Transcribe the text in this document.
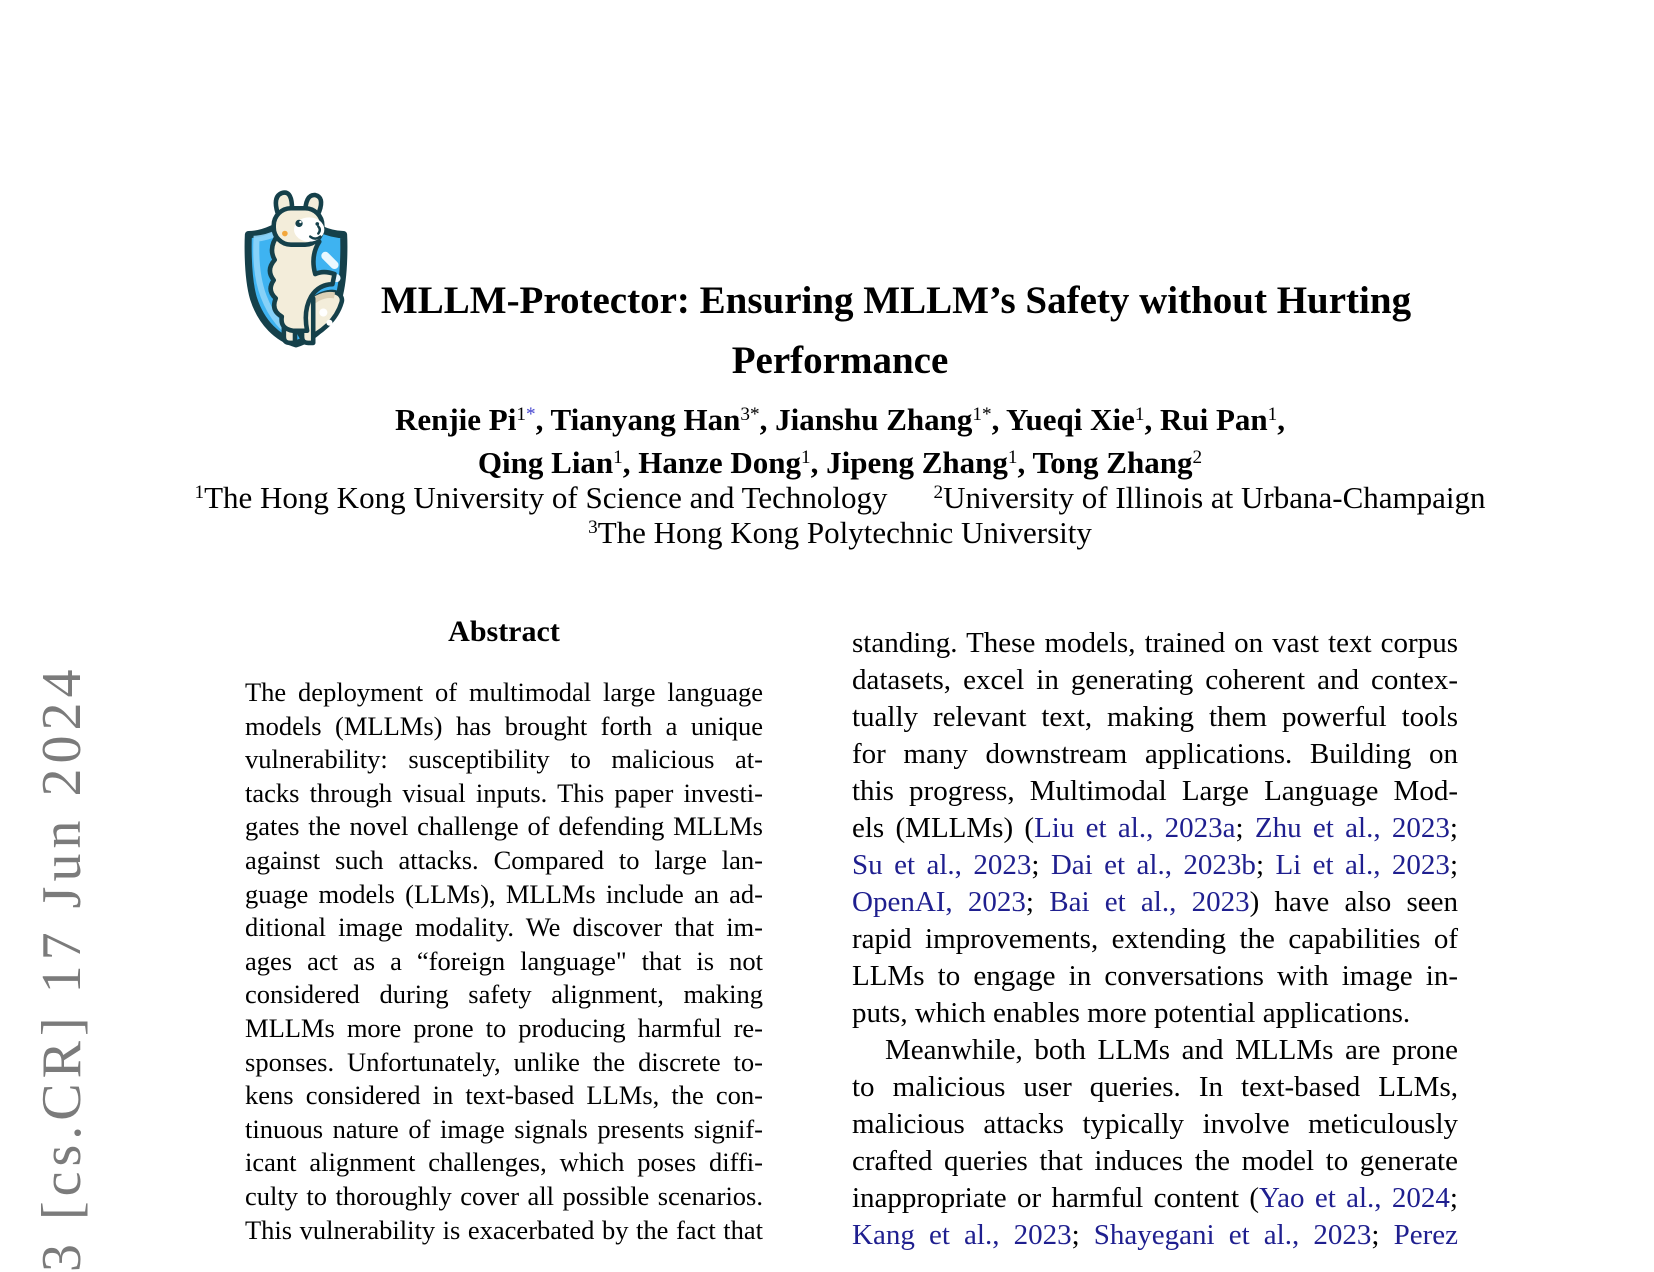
3 [cs.CR] 17 Jun 2024
MLLM-Protector: Ensuring MLLM’s Safety without Hurting
Performance
Renjie $Pi^{1*}$, Tianyang Han$^{3*}$, Jianshu Zhang$^{1*}$, Yueqi Xie$^1$, Rui Pan$^1$,
Qing Lian$^1$, Hanze Dong$^1$, Jipeng Zhang$^1$, Tong Zhang$^2$
$^1$The Hong Kong University of Science and Technology $^2$University of Illinois at Urbana-Champaign
$^3$The Hong Kong Polytechnic University
Abstract
The deployment of multimodal large language
models (MLLMs) has brought forth a unique
vulnerability: susceptibility to malicious at-
tacks through visual inputs. This paper investi-
gates the novel challenge of defending MLLMs
against such attacks. Compared to large lan-
guage models (LLMs), MLLMs include an ad-
ditional image modality. We discover that im-
ages act as a “foreign language" that is not
considered during safety alignment, making
MLLMs more prone to producing harmful re-
sponses. Unfortunately, unlike the discrete to-
kens considered in text-based LLMs, the con-
tinuous nature of image signals presents signif-
icant alignment challenges, which poses diffi-
culty to thoroughly cover all possible scenarios.
This vulnerability is exacerbated by the fact that
standing. These models, trained on vast text corpus
datasets, excel in generating coherent and contex-
tually relevant text, making them powerful tools
for many downstream applications. Building on
this progress, Multimodal Large Language Mod-
els (MLLMs) (Liu et al., 2023a; Zhu et al., 2023;
Su et al., 2023; Dai et al., 2023b; Li et al., 2023;
OpenAI, 2023; Bai et al., 2023) have also seen
rapid improvements, extending the capabilities of
LLMs to engage in conversations with image in-
puts, which enables more potential applications.
Meanwhile, both LLMs and MLLMs are prone
to malicious user queries. In text-based LLMs,
malicious attacks typically involve meticulously
crafted queries that induces the model to generate
inappropriate or harmful content (Yao et al., 2024;
Kang et al., 2023; Shayegani et al., 2023; Perez
